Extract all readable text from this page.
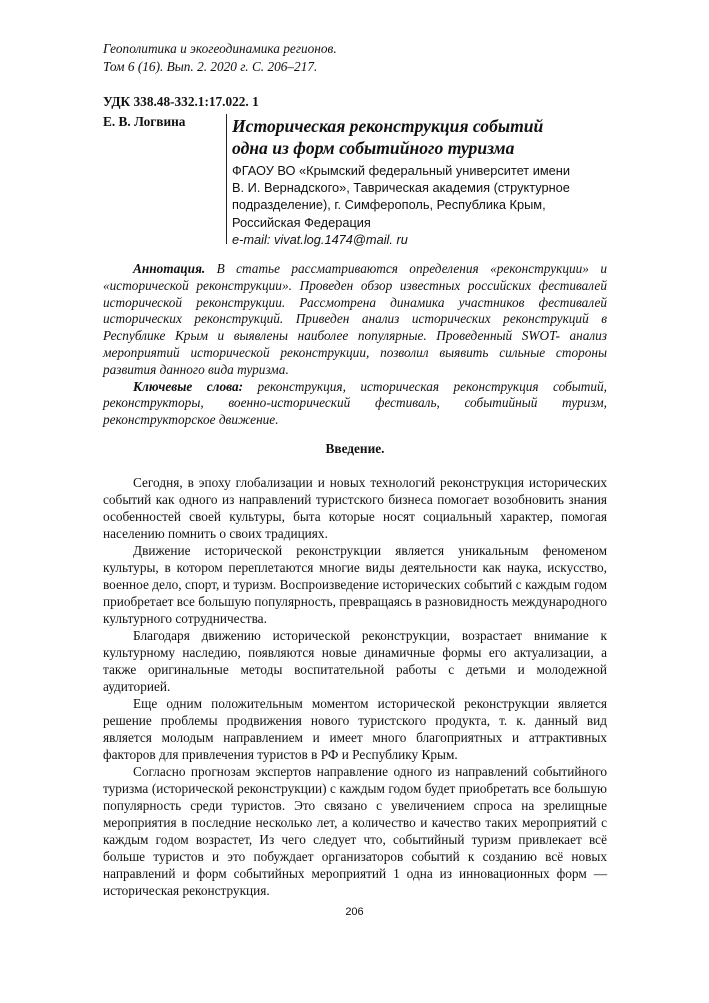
Геополитика и экогеодинамика регионов.
Том 6 (16). Вып. 2. 2020 г. С. 206–217.
УДК 338.48-332.1:17.022. 1
Е. В. Логвина	Историческая реконструкция событий
одна из форм событийного туризма
ФГАОУ ВО «Крымский федеральный университет имени
В. И. Вернадского», Таврическая академия (структурное
подразделение), г. Симферополь, Республика Крым,
Российская Федерация
e-mail: vivat.log.1474@mail. ru

Аннотация. В статье рассматриваются определения «реконструкции» и «исторической реконструкции». Проведен обзор известных российских фестивалей исторической реконструкции. Рассмотрена динамика участников фестивалей исторических реконструкций. Приведен анализ исторических реконструкций в Республике Крым и выявлены наиболее популярные. Проведенный SWOT- анализ мероприятий исторической реконструкции, позволил выявить сильные стороны развития данного вида туризма.

Ключевые слова: реконструкция, историческая реконструкция событий, реконструкторы, военно-исторический фестиваль, событийный туризм, реконструкторское движение.

Введение.

Сегодня, в эпоху глобализации и новых технологий реконструкция исторических событий как одного из направлений туристского бизнеса помогает возобновить знания особенностей своей культуры, быта которые носят социальный характер, помогая населению помнить о своих традициях.

Движение исторической реконструкции является уникальным феноменом культуры, в котором переплетаются многие виды деятельности как наука, искусство, военное дело, спорт, и туризм. Воспроизведение исторических событий с каждым годом приобретает все большую популярность, превращаясь в разновидность международного культурного сотрудничества.

Благодаря движению исторической реконструкции, возрастает внимание к культурному наследию, появляются новые динамичные формы его актуализации, а также оригинальные методы воспитательной работы с детьми и молодежной аудиторией.

Еще одним положительным моментом исторической реконструкции является решение проблемы продвижения нового туристского продукта, т. к. данный вид является молодым направлением и имеет много благоприятных и аттрактивных факторов для привлечения туристов в РФ и Республику Крым.

Согласно прогнозам экспертов направление одного из направлений событийного туризма (исторической реконструкции) с каждым годом будет приобретать все большую популярность среди туристов. Это связано с увеличением спроса на зрелищные мероприятия в последние несколько лет, а количество и качество таких мероприятий с каждым годом возрастет, Из чего следует что, событийный туризм привлекает всё больше туристов и это побуждает организаторов событий к созданию всё новых направлений и форм событийных мероприятий 1 одна из инновационных форм — историческая реконструкция.

206
